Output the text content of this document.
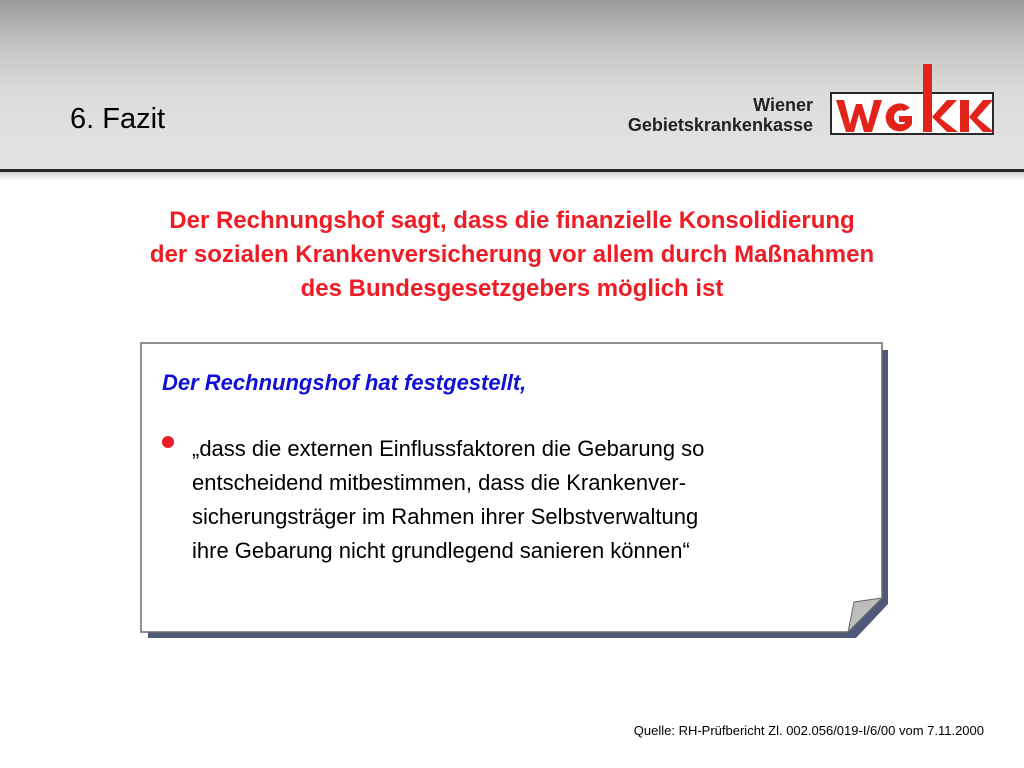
6. Fazit	Wiener
Gebietskrankenkasse
Der Rechnungshof sagt, dass die finanzielle Konsolidierung
der sozialen Krankenversicherung vor allem durch Maßnahmen
des Bundesgesetzgebers möglich ist
Der Rechnungshof hat festgestellt,
„dass die externen Einflussfaktoren die Gebarung so
entscheidend mitbestimmen, dass die Krankenver-
sicherungsträger im Rahmen ihrer Selbstverwaltung
ihre Gebarung nicht grundlegend sanieren können“
Quelle: RH-Prüfbericht Zl. 002.056/019-I/6/00 vom 7.11.2000
